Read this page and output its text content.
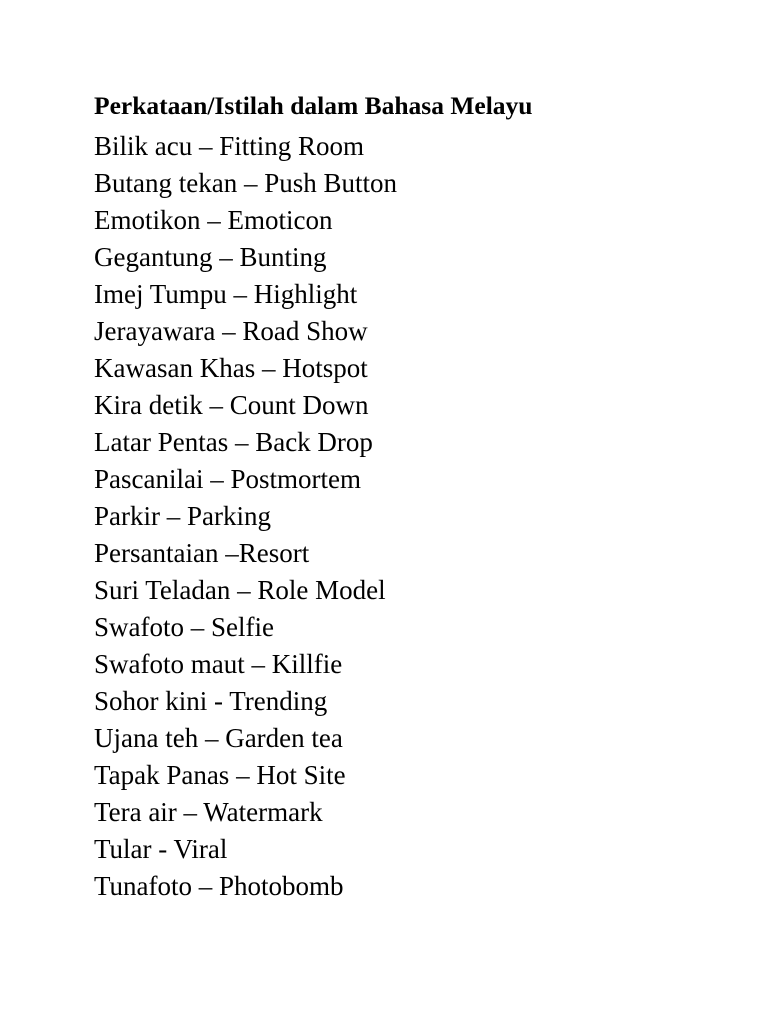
Perkataan/Istilah dalam Bahasa Melayu
Bilik acu – Fitting Room
Butang tekan – Push Button
Emotikon – Emoticon
Gegantung – Bunting
Imej Tumpu – Highlight
Jerayawara – Road Show
Kawasan Khas – Hotspot
Kira detik – Count Down
Latar Pentas – Back Drop
Pascanilai – Postmortem
Parkir – Parking
Persantaian –Resort
Suri Teladan – Role Model
Swafoto – Selfie
Swafoto maut – Killfie
Sohor kini - Trending
Ujana teh – Garden tea
Tapak Panas – Hot Site
Tera air – Watermark
Tular - Viral
Tunafoto – Photobomb
